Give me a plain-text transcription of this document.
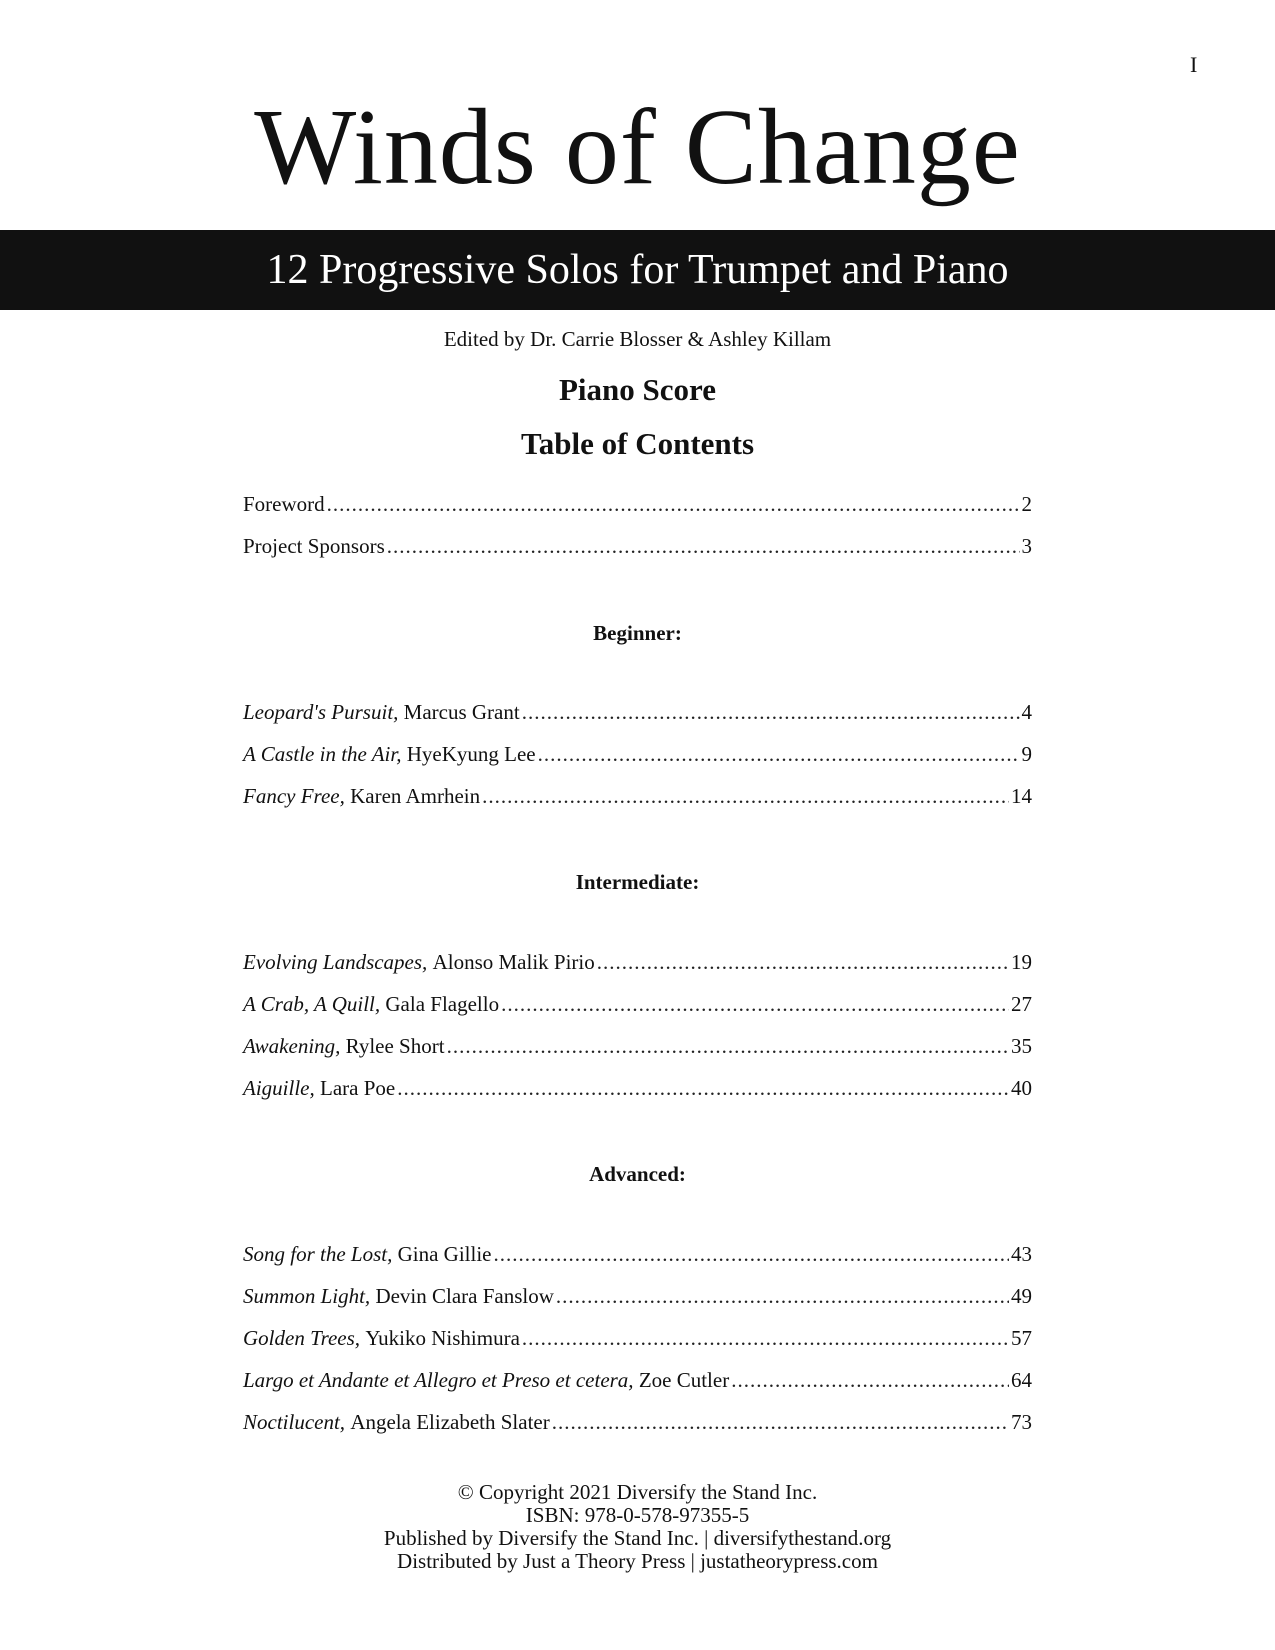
I
Winds of Change
12 Progressive Solos for Trumpet and Piano
Edited by Dr. Carrie Blosser & Ashley Killam
Piano Score
Table of Contents
Foreword .....	2
Project Sponsors .....	3
Beginner:
Leopard's Pursuit,
Marcus Grant .....	4
A Castle in the Air,
HyeKyung Lee .....	9
Fancy Free,
Karen Amrhein .....	14
Intermediate:
Evolving Landscapes,
Alonso Malik Pirio .....	19
A Crab, A Quill,
Gala Flagello .....	27
Awakening,
Rylee Short .....	35
Aiguille,
Lara Poe .....	40
Advanced:
Song for the Lost,
Gina Gillie .....	43
Summon Light,
Devin Clara Fanslow .....	49
Golden Trees,
Yukiko Nishimura .....	57
Largo et Andante et Allegro et Preso et cetera,
Zoe Cutler .....	64
Noctilucent,
Angela Elizabeth Slater .....	73
© Copyright 2021 Diversify the Stand Inc.
ISBN: 978-0-578-97355-5
Published by Diversify the Stand Inc. | diversifythestand.org
Distributed by Just a Theory Press | justatheorypress.com
